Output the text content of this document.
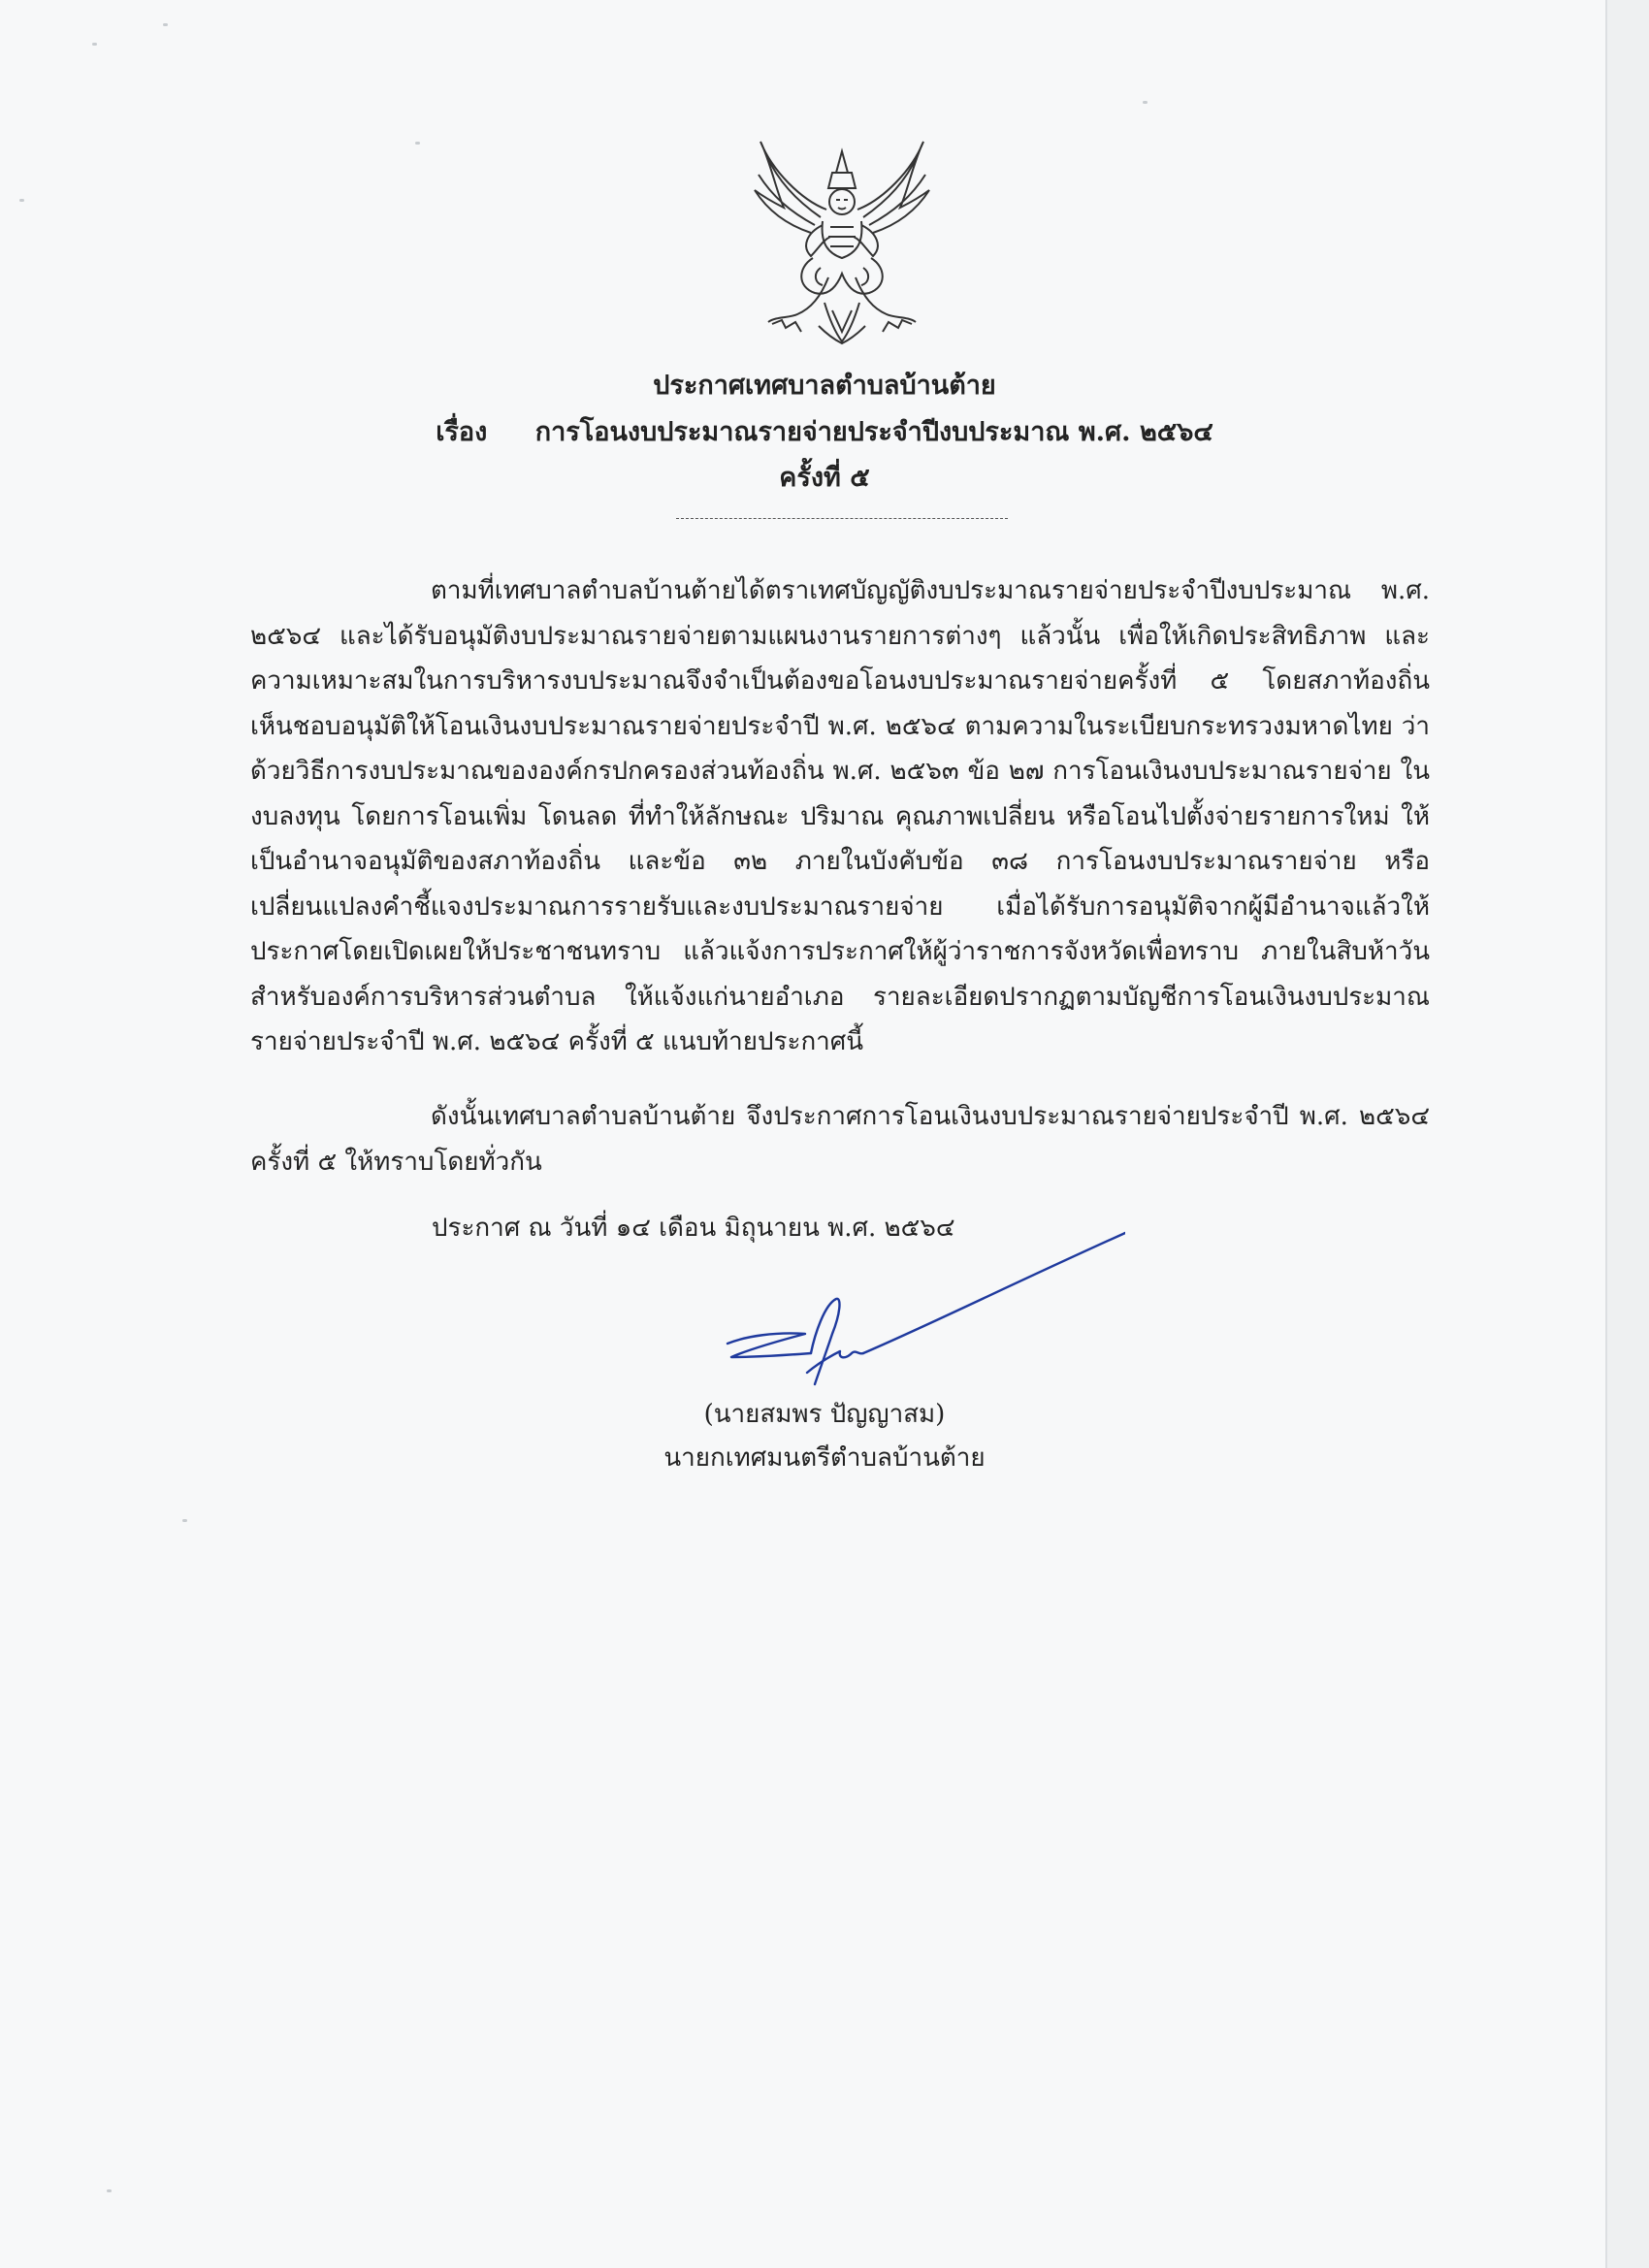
ประกาศเทศบาลตำบลบ้านต้าย
เรื่อง การโอนงบประมาณรายจ่ายประจำปีงบประมาณ พ.ศ. ๒๕๖๔
ครั้งที่ ๕

ตามที่เทศบาลตำบลบ้านต้ายได้ตราเทศบัญญัติงบประมาณรายจ่ายประจำปีงบประมาณ พ.ศ. ๒๕๖๔ และได้รับอนุมัติงบประมาณรายจ่ายตามแผนงานรายการต่างๆ แล้วนั้น เพื่อให้เกิดประสิทธิภาพ และ ความเหมาะสมในการบริหารงบประมาณจึงจำเป็นต้องขอโอนงบประมาณรายจ่ายครั้งที่ ๕ โดยสภาท้องถิ่น เห็นชอบอนุมัติให้โอนเงินงบประมาณรายจ่ายประจำปี พ.ศ. ๒๕๖๔ ตามความในระเบียบกระทรวงมหาดไทย ว่าด้วยวิธีการงบประมาณขององค์กรปกครองส่วนท้องถิ่น พ.ศ. ๒๕๖๓ ข้อ ๒๗ การโอนเงินงบประมาณรายจ่าย ในงบลงทุน โดยการโอนเพิ่ม โดนลด ที่ทำให้ลักษณะ ปริมาณ คุณภาพเปลี่ยน หรือโอนไปตั้งจ่ายรายการใหม่ ให้เป็นอำนาจอนุมัติของสภาท้องถิ่น และข้อ ๓๒ ภายในบังคับข้อ ๓๘ การโอนงบประมาณรายจ่าย หรือ เปลี่ยนแปลงคำชี้แจงประมาณการรายรับและงบประมาณรายจ่าย เมื่อได้รับการอนุมัติจากผู้มีอำนาจแล้วให้ ประกาศโดยเปิดเผยให้ประชาชนทราบ แล้วแจ้งการประกาศให้ผู้ว่าราชการจังหวัดเพื่อทราบ ภายในสิบห้าวัน สำหรับองค์การบริหารส่วนตำบล ให้แจ้งแก่นายอำเภอ รายละเอียดปรากฏตามบัญชีการโอนเงินงบประมาณ รายจ่ายประจำปี พ.ศ. ๒๕๖๔ ครั้งที่ ๕ แนบท้ายประกาศนี้

ดังนั้นเทศบาลตำบลบ้านต้าย จึงประกาศการโอนเงินงบประมาณรายจ่ายประจำปี พ.ศ. ๒๕๖๔ ครั้งที่ ๕ ให้ทราบโดยทั่วกัน

ประกาศ ณ วันที่ ๑๔ เดือน มิถุนายน พ.ศ. ๒๕๖๔
(นายสมพร ปัญญาสม)
นายกเทศมนตรีตำบลบ้านต้าย
